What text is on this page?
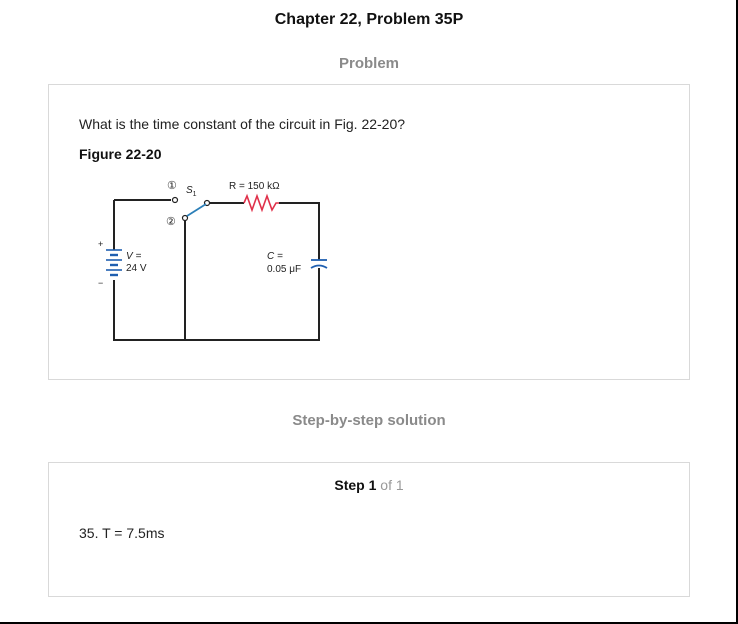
Chapter 22, Problem 35P
Problem
What is the time constant of the circuit in Fig. 22-20?
Figure 22-20
①
②
$S_1$
R = 150 kΩ
+
−
V =
24 V
C =
0.05 μF
Step-by-step solution
Step 1 of 1
35. T = 7.5ms
